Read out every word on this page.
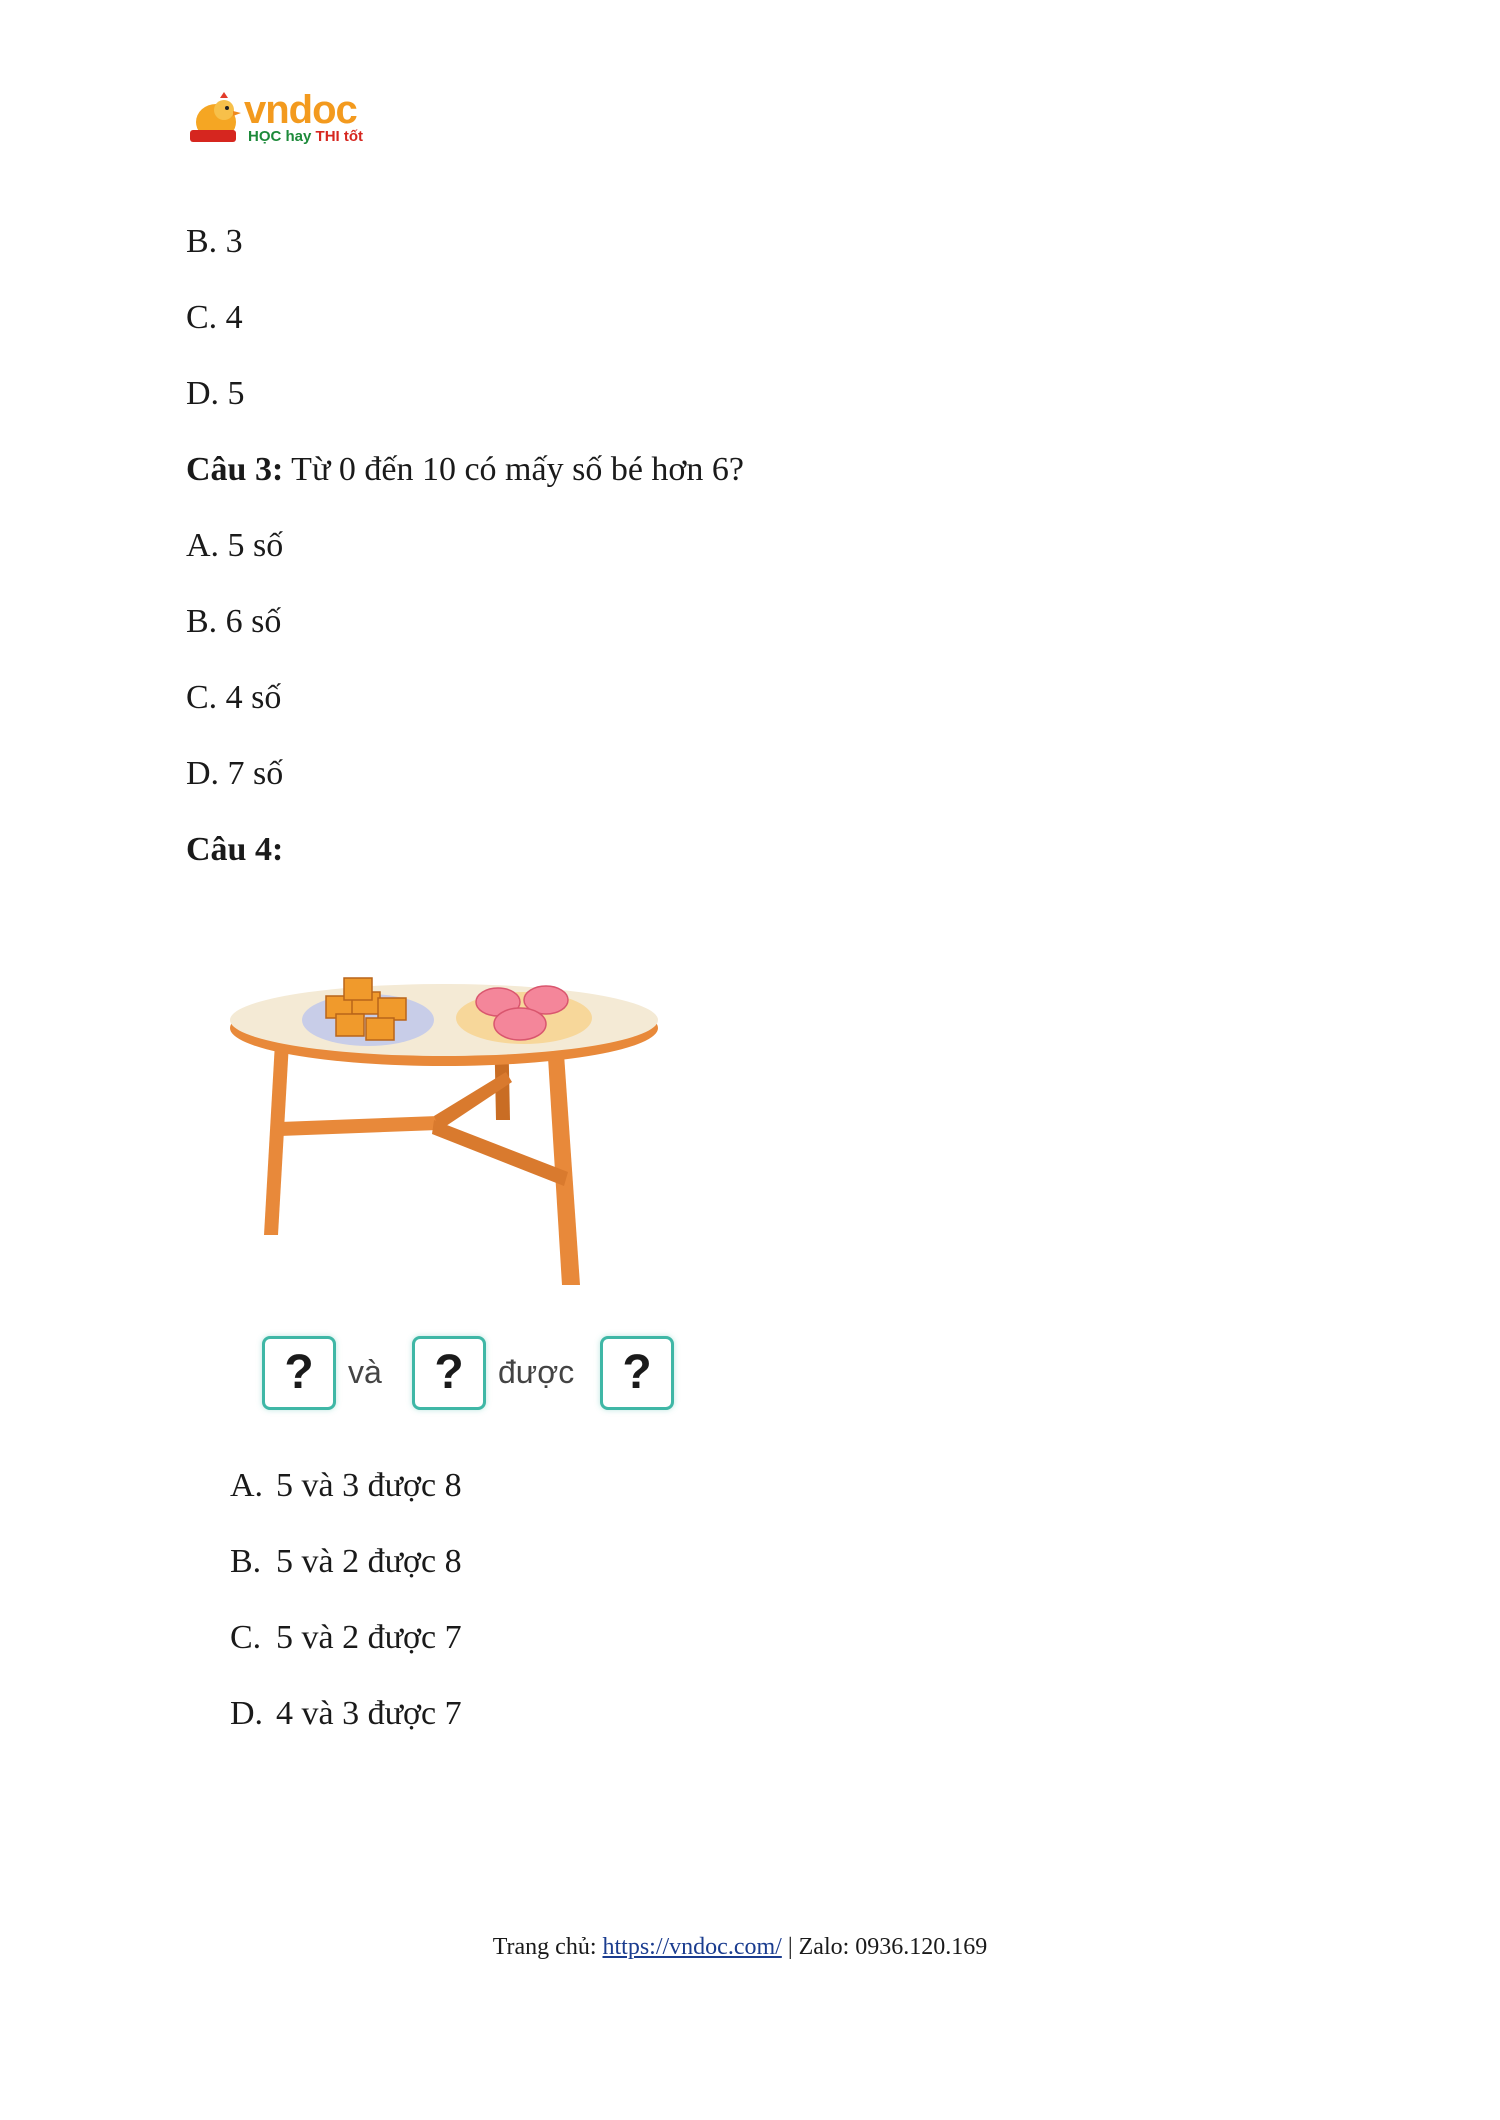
vndoc
HỌC hay THI tốt
B. 3
C. 4
D. 5
Câu 3: Từ 0 đến 10 có mấy số bé hơn 6?
A. 5 số
B. 6 số
C. 4 số
D. 7 số
Câu 4:
?	và	?	được	?
A. 5 và 3 được 8
B. 5 và 2 được 8
C. 5 và 2 được 7
D. 4 và 3 được 7
Trang chủ: https://vndoc.com/ | Zalo: 0936.120.169
